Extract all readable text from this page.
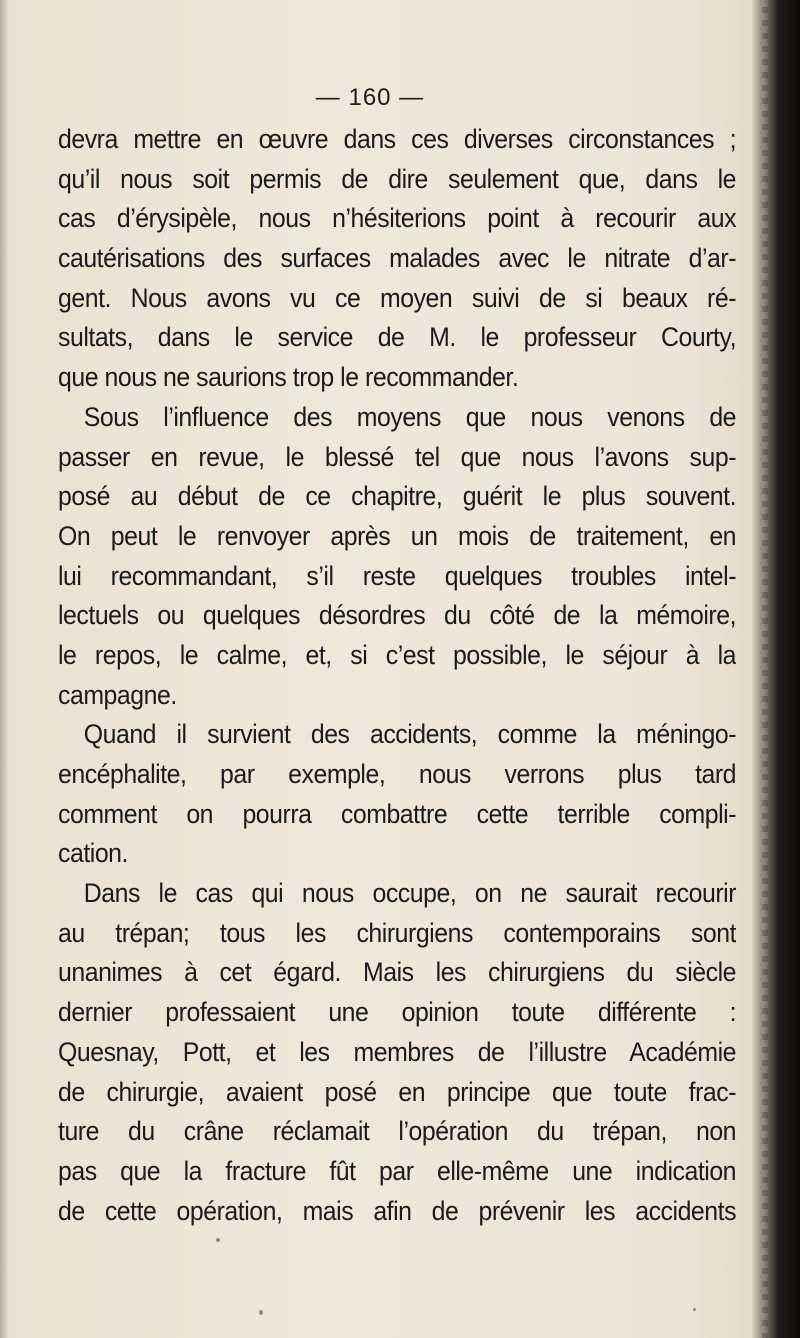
— 160 —
devra mettre en œuvre dans ces diverses circonstances ;
qu’il nous soit permis de dire seulement que, dans le
cas d’érysipèle, nous n’hésiterions point à recourir aux
cautérisations des surfaces malades avec le nitrate d’ar-
gent. Nous avons vu ce moyen suivi de si beaux ré-
sultats, dans le service de M. le professeur Courty,
que nous ne saurions trop le recommander.
Sous l’influence des moyens que nous venons de
passer en revue, le blessé tel que nous l’avons sup-
posé au début de ce chapitre, guérit le plus souvent.
On peut le renvoyer après un mois de traitement, en
lui recommandant, s’il reste quelques troubles intel-
lectuels ou quelques désordres du côté de la mémoire,
le repos, le calme, et, si c’est possible, le séjour à la
campagne.
Quand il survient des accidents, comme la méningo-
encéphalite, par exemple, nous verrons plus tard
comment on pourra combattre cette terrible compli-
cation.
Dans le cas qui nous occupe, on ne saurait recourir
au trépan; tous les chirurgiens contemporains sont
unanimes à cet égard. Mais les chirurgiens du siècle
dernier professaient une opinion toute différente :
Quesnay, Pott, et les membres de l’illustre Académie
de chirurgie, avaient posé en principe que toute frac-
ture du crâne réclamait l’opération du trépan, non
pas que la fracture fût par elle-même une indication
de cette opération, mais afin de prévenir les accidents
